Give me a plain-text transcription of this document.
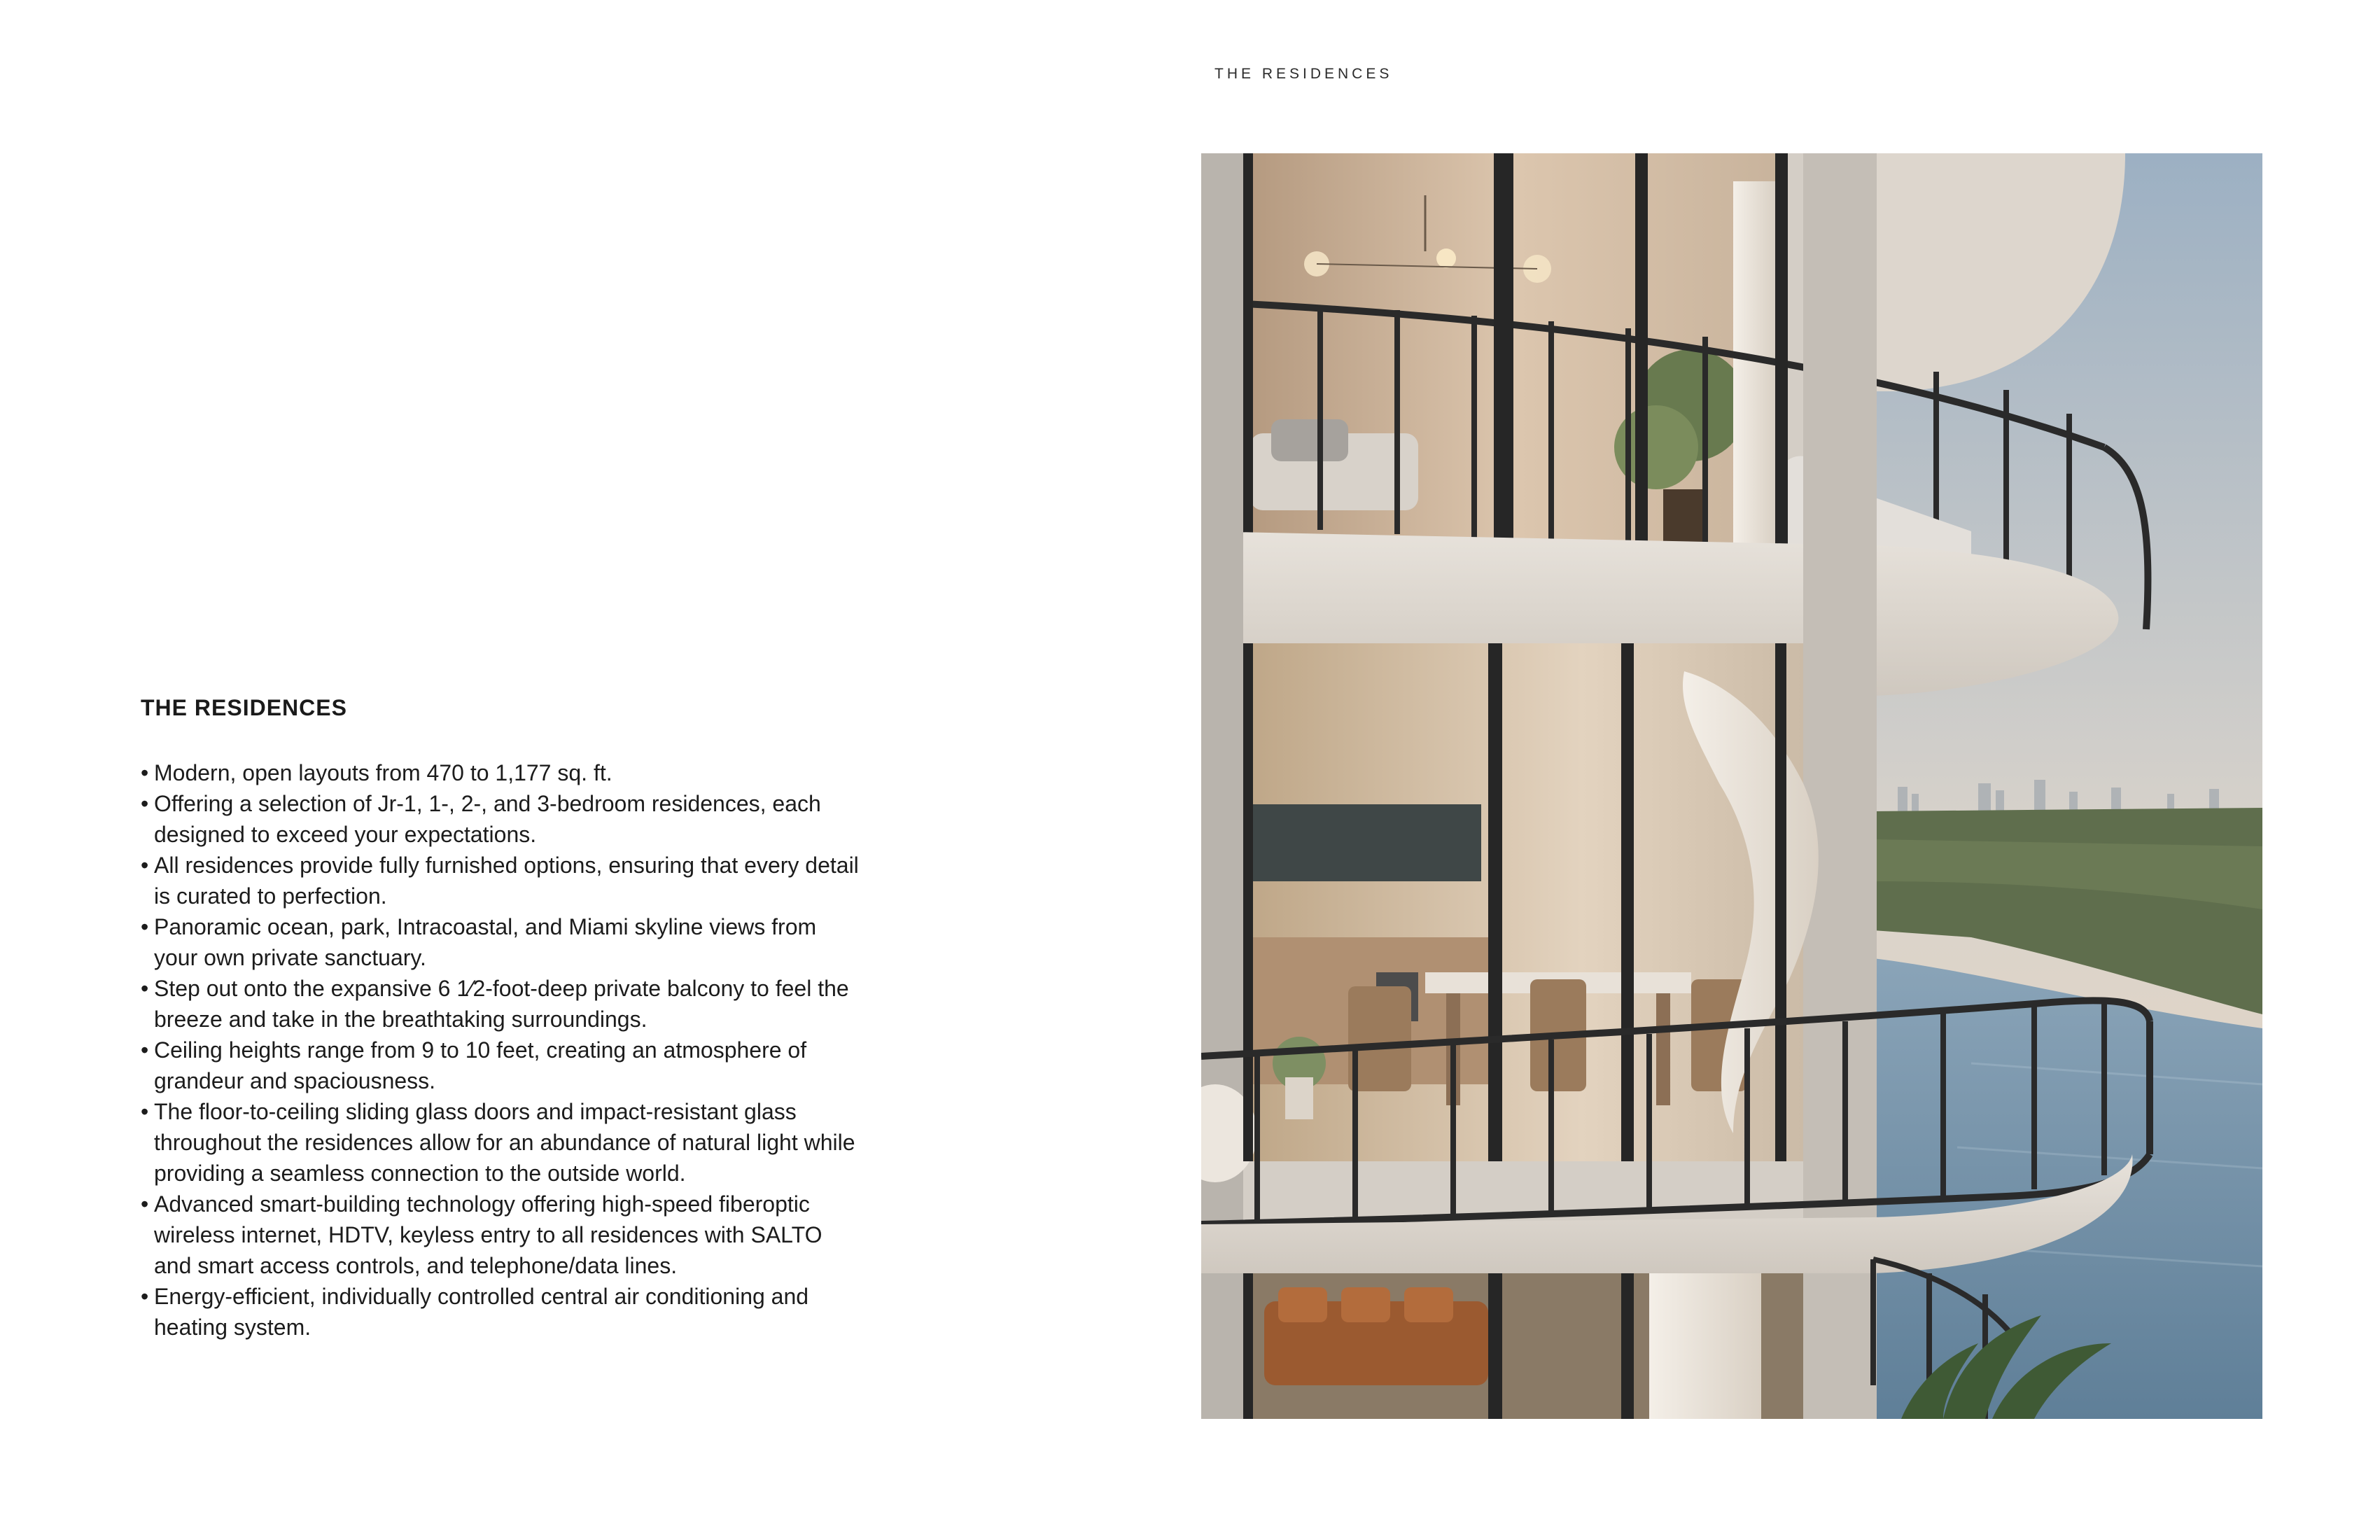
THE RESIDENCES
THE RESIDENCES
• Modern, open layouts from 470 to 1,177 sq. ft.
• Offering a selection of Jr-1, 1-, 2-, and 3-bedroom residences, each designed to exceed your expectations.
• All residences provide fully furnished options, ensuring that every detail is curated to perfection.
• Panoramic ocean, park, Intracoastal, and Miami skyline views from your own private sanctuary.
• Step out onto the expansive 6 1⁄2-foot-deep private balcony to feel the breeze and take in the breathtaking surroundings.
• Ceiling heights range from 9 to 10 feet, creating an atmosphere of grandeur and spaciousness.
• The floor-to-ceiling sliding glass doors and impact-resistant glass throughout the residences allow for an abundance of natural light while providing a seamless connection to the outside world.
• Advanced smart-building technology offering high-speed fiberoptic wireless internet, HDTV, keyless entry to all residences with SALTO and smart access controls, and telephone/data lines.
• Energy-efficient, individually controlled central air conditioning and heating system.
